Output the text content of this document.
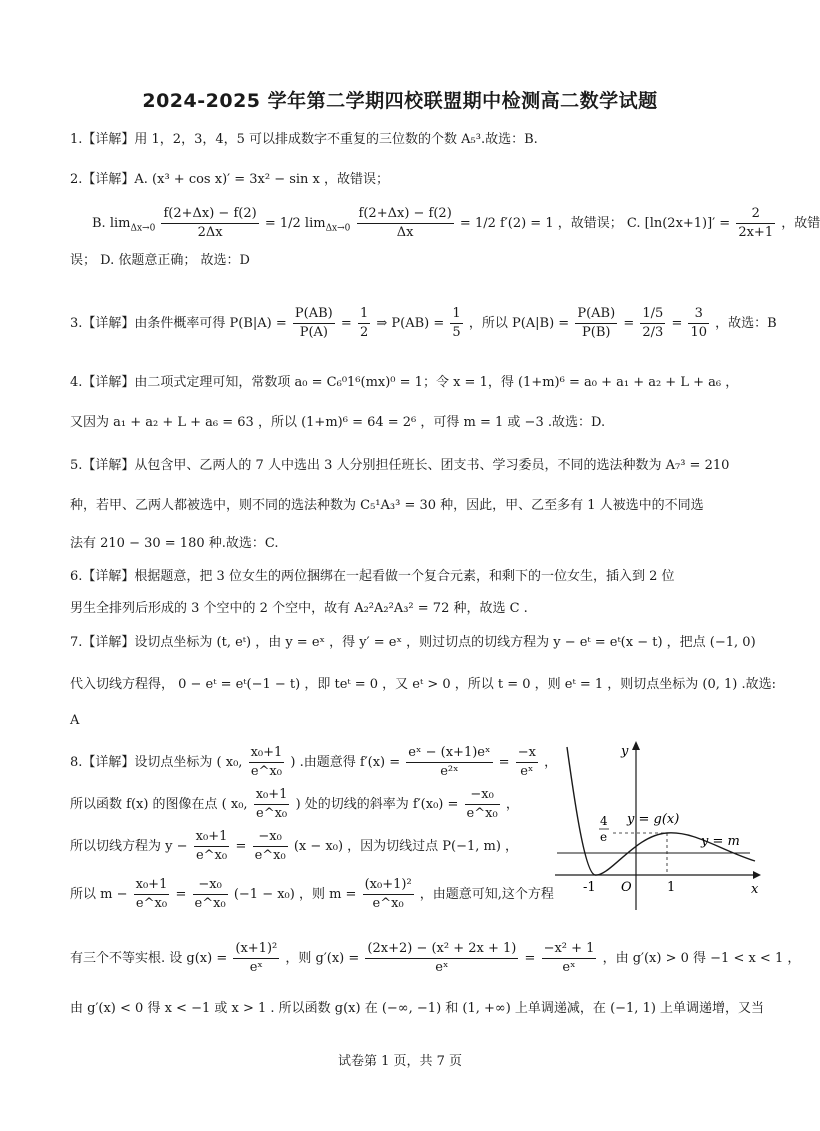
2024-2025 学年第二学期四校联盟期中检测高二数学试题
1.【详解】用 1，2，3，4，5 可以排成数字不重复的三位数的个数 A₅³.故选：B.
2.【详解】A. (x³ + cos x)′ = 3x² − sin x ，故错误；
B. $\lim_{\Delta x\to 0} \frac{f(2+\Delta x) - f(2)}{2\Delta x} = 1/2$ $\lim_{\Delta x\to 0} \frac{f(2+\Delta x) - f(2)}{\Delta x} = 1/2$ f′(2) = 1 ，故错误； C. $[\ln(2x+1)]' = \frac{2}{2x+1}$ ，故错
误； D. 依题意正确； 故选：D
3.【详解】由条件概率可得 $P(B|A) = \frac{P(AB)}{P(A)} = \frac{1}{2}$ ⇒ $P(AB) = \frac{1}{5}$ ，所以 $P(A|B) = \frac{P(AB)}{P(B)} = \frac{1/5}{2/3} = \frac{3}{10}$ ，故选：B
4.【详解】由二项式定理可知，常数项 a₀ = C₆⁰1⁶(mx)⁰ = 1；令 x = 1，得 (1+m)⁶ = a₀ + a₁ + a₂ + L + a₆ ，
又因为 a₁ + a₂ + L + a₆ = 63 ，所以 (1+m)⁶ = 64 = 2⁶ ，可得 m = 1 或 −3 .故选：D.
5.【详解】从包含甲、乙两人的 7 人中选出 3 人分别担任班长、团支书、学习委员，不同的选法种数为 A₇³ = 210
种，若甲、乙两人都被选中，则不同的选法种数为 C₅¹A₃³ = 30 种，因此，甲、乙至多有 1 人被选中的不同选
法有 210 − 30 = 180 种.故选：C.
6.【详解】根据题意，把 3 位女生的两位捆绑在一起看做一个复合元素，和剩下的一位女生，插入到 2 位
男生全排列后形成的 3 个空中的 2 个空中，故有 A₂²A₂²A₃² = 72 种，故选 C .
7.【详解】设切点坐标为 (t, eᵗ) ，由 y = eˣ ，得 y′ = eˣ ，则过切点的切线方程为 y − eᵗ = eᵗ(x − t) ，把点 (−1, 0)
代入切线方程得， 0 − eᵗ = eᵗ(−1 − t) ，即 teᵗ = 0 ，又 eᵗ > 0 ，所以 t = 0 ，则 eᵗ = 1 ，则切点坐标为 (0, 1) .故选:
A
8.【详解】设切点坐标为 ( x₀, $\frac{\text{x₀+1}}{\text{e\textasciicircum{}x₀}}$ ) .由题意得 $f'(x) = \frac{\text{eˣ − (x+1)eˣ}}{\text{e²ˣ}} = \frac{-x}{\text{eˣ}}$ ，
所以函数 f(x) 的图像在点 ( x₀, $\frac{\text{x₀+1}}{\text{e\textasciicircum{}x₀}}$ ) 处的切线的斜率为 $f'(x_0) = \frac{\text{−x₀}}{\text{e\textasciicircum{}x₀}}$ ，
所以切线方程为 $y - \frac{\text{x₀+1}}{\text{e\textasciicircum{}x₀}} = \frac{\text{−x₀}}{\text{e\textasciicircum{}x₀}} (x - x_0)$ ，因为切线过点 P(−1, m) ，
所以 $m - \frac{\text{x₀+1}}{\text{e\textasciicircum{}x₀}} = \frac{\text{−x₀}}{\text{e\textasciicircum{}x₀}} (-1 - x_0)$ ，则 $m = \frac{\text{(x₀+1)²}}{\text{e\textasciicircum{}x₀}}$ ，由题意可知,这个方程
有三个不等实根. 设 $g(x) = \frac{\text{(x+1)²}}{\text{eˣ}}$ ，则 $g'(x) = \frac{\text{(2x+2) − (x² + 2x + 1)}}{\text{eˣ}} = \frac{\text{−x² + 1}}{\text{eˣ}}$ ，由 g′(x) > 0 得 −1 < x < 1 ，
由 g′(x) < 0 得 x < −1 或 x > 1 . 所以函数 g(x) 在 (−∞, −1) 和 (1, +∞) 上单调递减，在 (−1, 1) 上单调递增，又当
y
x
O
-1	1
4
e
y = g(x)
y = m
试卷第 1 页，共 7 页
